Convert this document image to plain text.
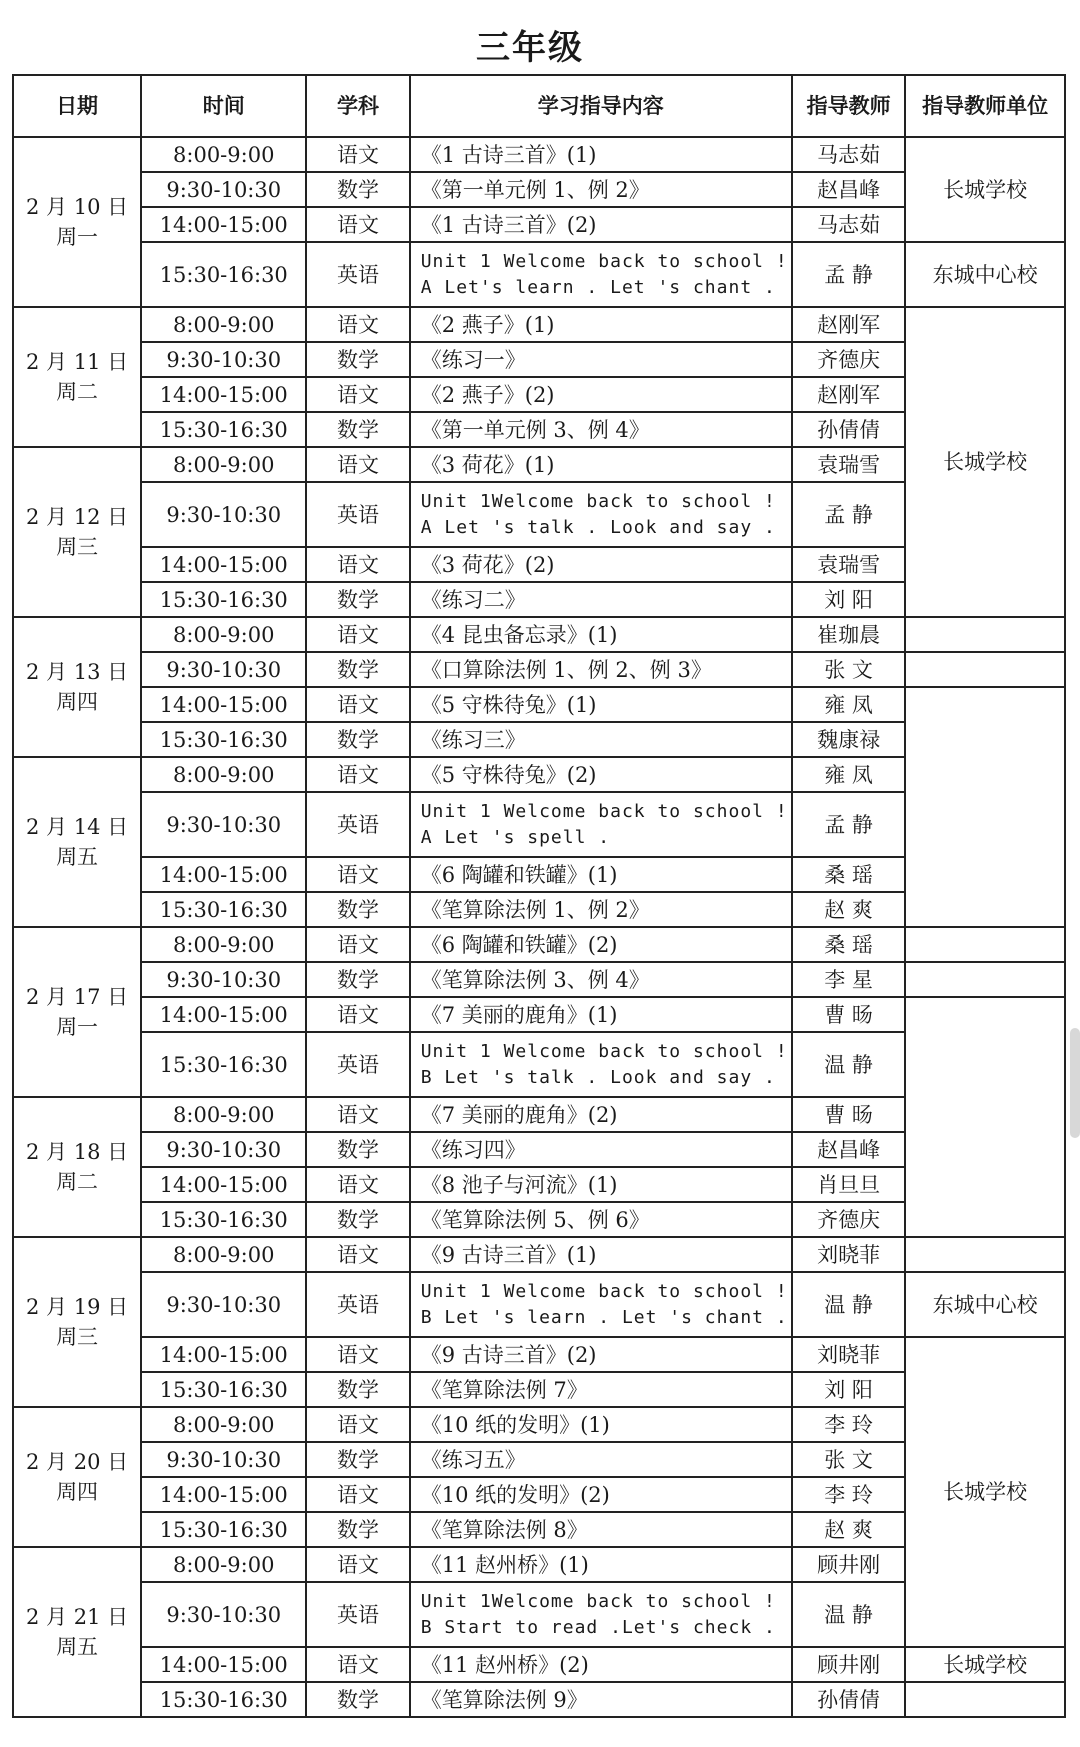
三年级
日期	时间	学科	学习指导内容	指导教师	指导教师单位

2 月 10 日
周一	8:00-9:00	语文	《1 古诗三首》(1)	马志茹	长城学校
	9:30-10:30	数学	《第一单元例 1、例 2》	赵昌峰	
	14:00-15:00	语文	《1 古诗三首》(2)	马志茹	
	15:30-16:30	英语	Unit 1 Welcome back to school ! A Let's learn . Let 's chant .	孟 静	东城中心校

2 月 11 日
周二	8:00-9:00	语文	《2 燕子》(1)	赵刚军	长城学校
	9:30-10:30	数学	《练习一》	齐德庆	
	14:00-15:00	语文	《2 燕子》(2)	赵刚军	
	15:30-16:30	数学	《第一单元例 3、例 4》	孙倩倩	

2 月 12 日
周三	8:00-9:00	语文	《3 荷花》(1)	袁瑞雪	
	9:30-10:30	英语	Unit 1Welcome back to school ! A Let 's talk . Look and say .	孟 静	
	14:00-15:00	语文	《3 荷花》(2)	袁瑞雪	
	15:30-16:30	数学	《练习二》	刘 阳	

2 月 13 日
周四	8:00-9:00	语文	《4 昆虫备忘录》(1)	崔珈晨	
	9:30-10:30	数学	《口算除法例 1、例 2、例 3》	张 文	
	14:00-15:00	语文	《5 守株待兔》(1)	雍 凤	
	15:30-16:30	数学	《练习三》	魏康禄	

2 月 14 日
周五	8:00-9:00	语文	《5 守株待兔》(2)	雍 凤	
	9:30-10:30	英语	Unit 1 Welcome back to school ! A Let 's spell .	孟 静	
	14:00-15:00	语文	《6 陶罐和铁罐》(1)	桑 瑶	
	15:30-16:30	数学	《笔算除法例 1、例 2》	赵 爽	

2 月 17 日
周一	8:00-9:00	语文	《6 陶罐和铁罐》(2)	桑 瑶	
	9:30-10:30	数学	《笔算除法例 3、例 4》	李 星	
	14:00-15:00	语文	《7 美丽的鹿角》(1)	曹 旸	
	15:30-16:30	英语	Unit 1 Welcome back to school ! B Let 's talk . Look and say .	温 静	

2 月 18 日
周二	8:00-9:00	语文	《7 美丽的鹿角》(2)	曹 旸	
	9:30-10:30	数学	《练习四》	赵昌峰	
	14:00-15:00	语文	《8 池子与河流》(1)	肖旦旦	
	15:30-16:30	数学	《笔算除法例 5、例 6》	齐德庆	

2 月 19 日
周三	8:00-9:00	语文	《9 古诗三首》(1)	刘晓菲	
	9:30-10:30	英语	Unit 1 Welcome back to school ! B Let 's learn . Let 's chant .	温 静	东城中心校
	14:00-15:00	语文	《9 古诗三首》(2)	刘晓菲	长城学校
	15:30-16:30	数学	《笔算除法例 7》	刘 阳	

2 月 20 日
周四	8:00-9:00	语文	《10 纸的发明》(1)	李 玲	
	9:30-10:30	数学	《练习五》	张 文	
	14:00-15:00	语文	《10 纸的发明》(2)	李 玲	
	15:30-16:30	数学	《笔算除法例 8》	赵 爽	

2 月 21 日
周五	8:00-9:00	语文	《11 赵州桥》(1)	顾井刚	
	9:30-10:30	英语	Unit 1Welcome back to school ! B Start to read .Let's check .	温 静	
	14:00-15:00	语文	《11 赵州桥》(2)	顾井刚	长城学校
	15:30-16:30	数学	《笔算除法例 9》	孙倩倩	
